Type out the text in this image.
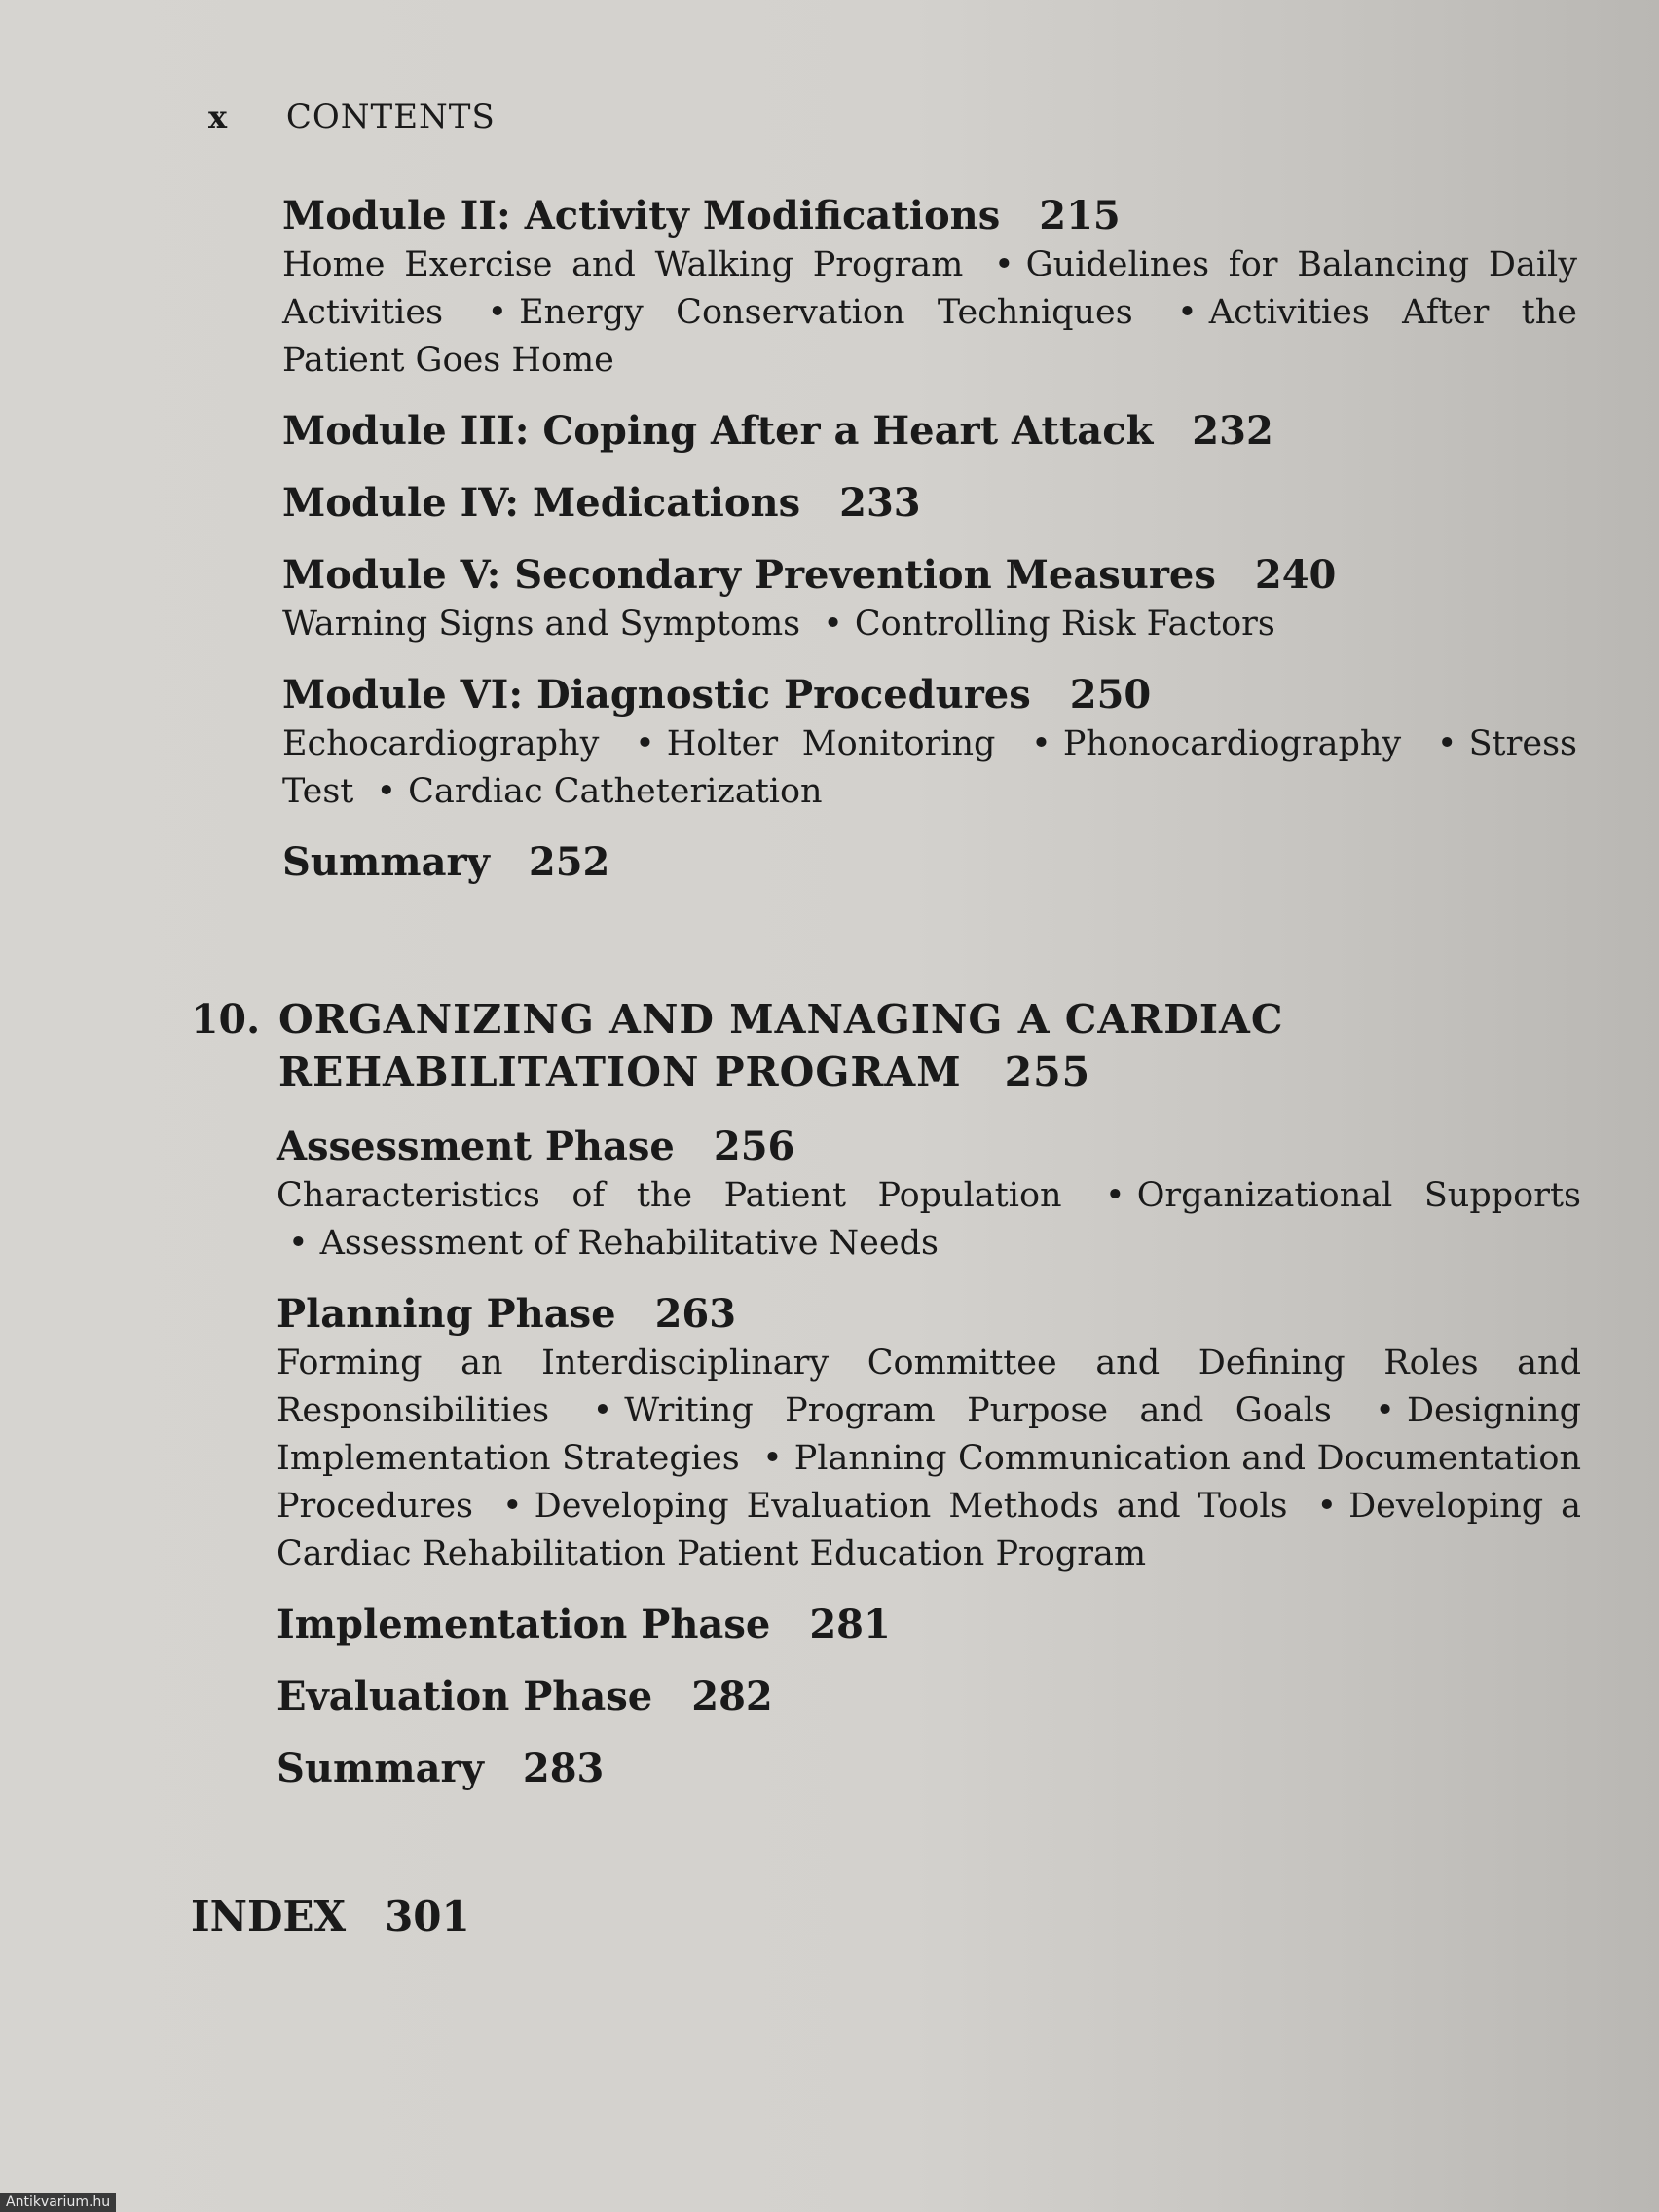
x CONTENTS
Module II: Activity Modifications 215
Home Exercise and Walking Program • Guidelines for Balancing Daily Activities • Energy Conservation Techniques • Activities After the Patient Goes Home
Module III: Coping After a Heart Attack 232
Module IV: Medications 233
Module V: Secondary Prevention Measures 240
Warning Signs and Symptoms • Controlling Risk Factors
Module VI: Diagnostic Procedures 250
Echocardiography • Holter Monitoring • Phonocardiography • Stress Test • Cardiac Catheterization
Summary 252
10. ORGANIZING AND MANAGING A CARDIAC REHABILITATION PROGRAM 255
Assessment Phase 256
Characteristics of the Patient Population • Organizational Supports • Assessment of Rehabilitative Needs
Planning Phase 263
Forming an Interdisciplinary Committee and Defining Roles and Responsibilities • Writing Program Purpose and Goals • Designing Implementation Strategies • Planning Communication and Documentation Procedures • Developing Evaluation Methods and Tools • Developing a Cardiac Rehabilitation Patient Education Program
Implementation Phase 281
Evaluation Phase 282
Summary 283
INDEX 301
Antikvarium.hu
